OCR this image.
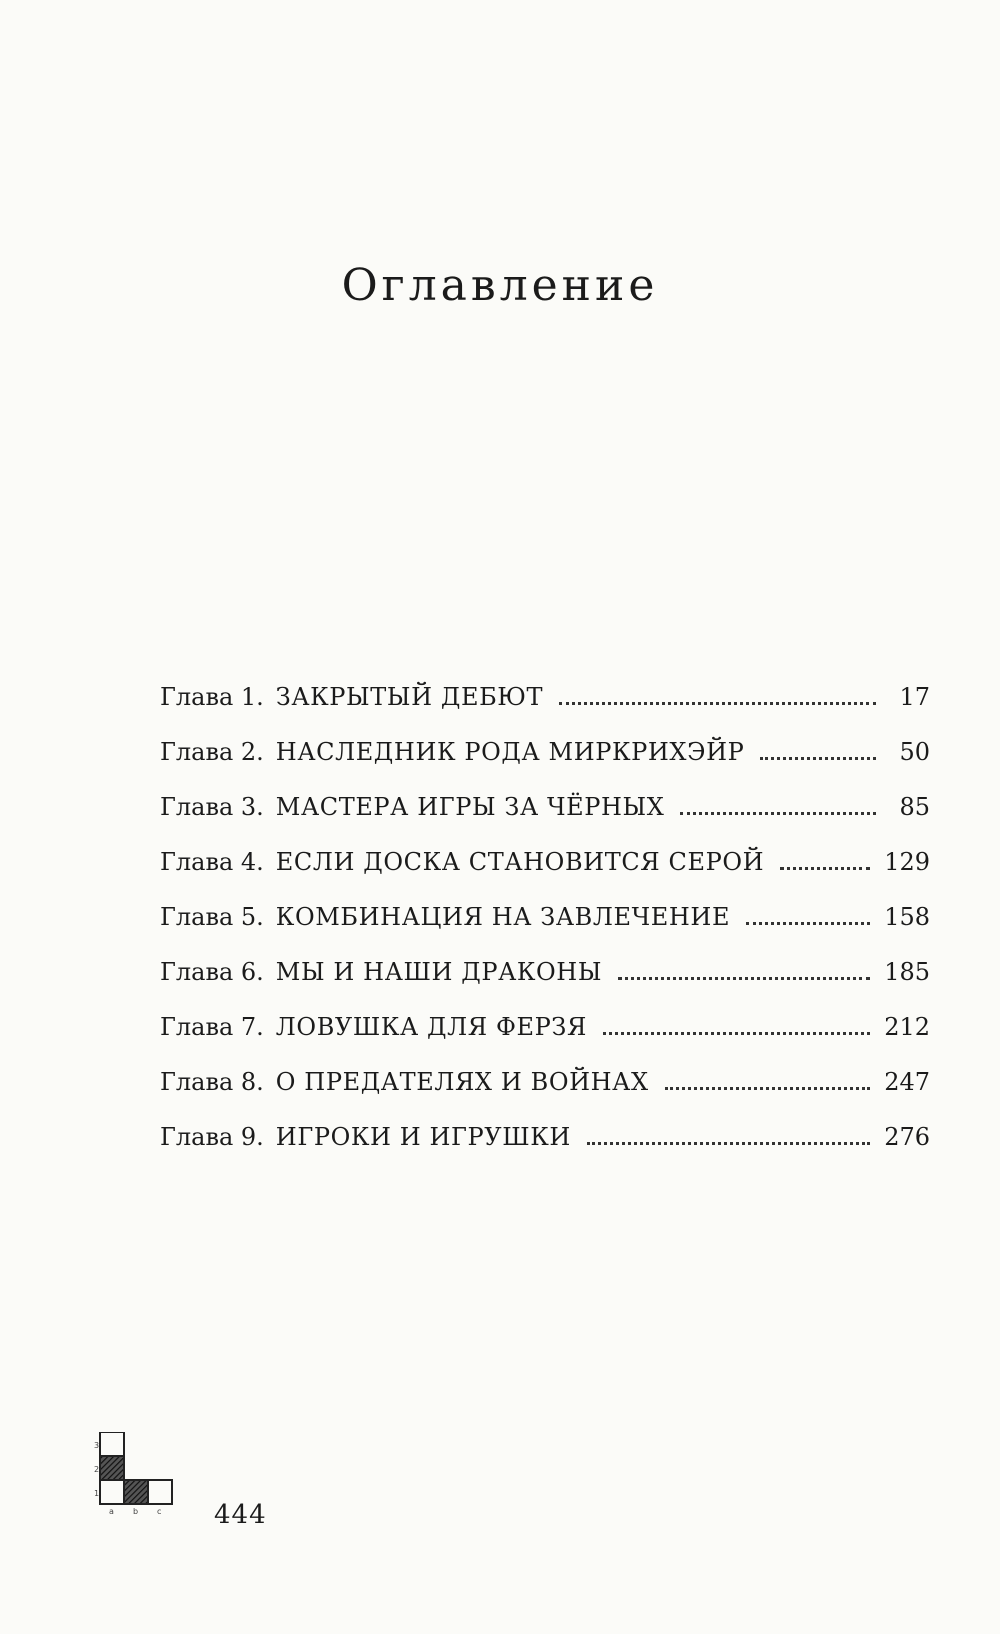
Оглавление
Глава 1. ЗАКРЫТЫЙ ДЕБЮТ	17
Глава 2. НАСЛЕДНИК РОДА МИРКРИХЭЙР	50
Глава 3. МАСТЕРА ИГРЫ ЗА ЧЁРНЫХ	85
Глава 4. ЕСЛИ ДОСКА СТАНОВИТСЯ СЕРОЙ	129
Глава 5. КОМБИНАЦИЯ НА ЗАВЛЕЧЕНИЕ	158
Глава 6. МЫ И НАШИ ДРАКОНЫ	185
Глава 7. ЛОВУШКА ДЛЯ ФЕРЗЯ	212
Глава 8. О ПРЕДАТЕЛЯХ И ВОЙНАХ	247
Глава 9. ИГРОКИ И ИГРУШКИ	276
3
2
1
a b c 444
